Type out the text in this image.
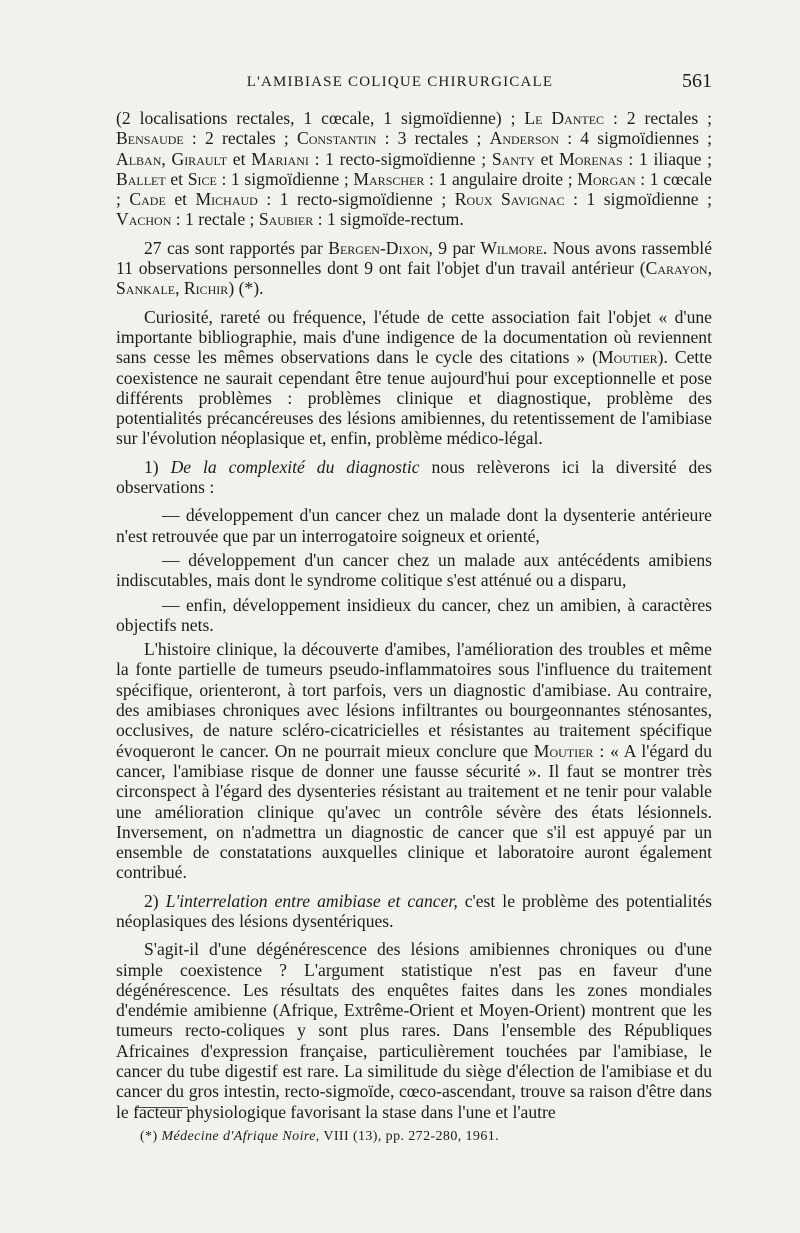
L'AMIBIASE COLIQUE CHIRURGICALE	561

(2 localisations rectales, 1 cœcale, 1 sigmoïdienne) ; Le Dantec : 2 rectales ; Bensaude : 2 rectales ; Constantin : 3 rectales ; Anderson : 4 sigmoïdiennes ; Alban, Girault et Mariani : 1 recto-sigmoïdienne ; Santy et Morenas : 1 iliaque ; Ballet et Sice : 1 sigmoïdienne ; Marscher : 1 angulaire droite ; Morgan : 1 cœcale ; Cade et Michaud : 1 recto-sigmoïdienne ; Roux Savignac : 1 sigmoïdienne ; Vachon : 1 rectale ; Saubier : 1 sigmoïde-rectum.

27 cas sont rapportés par Bergen-Dixon, 9 par Wilmore. Nous avons rassemblé 11 observations personnelles dont 9 ont fait l'objet d'un travail antérieur (Carayon, Sankale, Richir) (*).

Curiosité, rareté ou fréquence, l'étude de cette association fait l'objet « d'une importante bibliographie, mais d'une indigence de la documentation où reviennent sans cesse les mêmes observations dans le cycle des citations » (Moutier). Cette coexistence ne saurait cependant être tenue aujourd'hui pour exceptionnelle et pose différents problèmes : problèmes clinique et diagnostique, problème des potentialités précancéreuses des lésions amibiennes, du retentissement de l'amibiase sur l'évolution néoplasique et, enfin, problème médico-légal.

1) De la complexité du diagnostic nous relèverons ici la diversité des observations :

— développement d'un cancer chez un malade dont la dysenterie antérieure n'est retrouvée que par un interrogatoire soigneux et orienté,

— développement d'un cancer chez un malade aux antécédents amibiens indiscutables, mais dont le syndrome colitique s'est atténué ou a disparu,

— enfin, développement insidieux du cancer, chez un amibien, à caractères objectifs nets.

L'histoire clinique, la découverte d'amibes, l'amélioration des troubles et même la fonte partielle de tumeurs pseudo-inflammatoires sous l'influence du traitement spécifique, orienteront, à tort parfois, vers un diagnostic d'amibiase. Au contraire, des amibiases chroniques avec lésions infiltrantes ou bourgeonnantes sténosantes, occlusives, de nature scléro-cicatricielles et résistantes au traitement spécifique évoqueront le cancer. On ne pourrait mieux conclure que Moutier : « A l'égard du cancer, l'amibiase risque de donner une fausse sécurité ». Il faut se montrer très circonspect à l'égard des dysenteries résistant au traitement et ne tenir pour valable une amélioration clinique qu'avec un contrôle sévère des états lésionnels. Inversement, on n'admettra un diagnostic de cancer que s'il est appuyé par un ensemble de constatations auxquelles clinique et laboratoire auront également contribué.

2) L'interrelation entre amibiase et cancer, c'est le problème des potentialités néoplasiques des lésions dysentériques.

S'agit-il d'une dégénérescence des lésions amibiennes chroniques ou d'une simple coexistence ? L'argument statistique n'est pas en faveur d'une dégénérescence. Les résultats des enquêtes faites dans les zones mondiales d'endémie amibienne (Afrique, Extrême-Orient et Moyen-Orient) montrent que les tumeurs recto-coliques y sont plus rares. Dans l'ensemble des Républiques Africaines d'expression française, particulièrement touchées par l'amibiase, le cancer du tube digestif est rare. La similitude du siège d'élection de l'amibiase et du cancer du gros intestin, recto-sigmoïde, cœco-ascendant, trouve sa raison d'être dans le facteur physiologique favorisant la stase dans l'une et l'autre

(*) Médecine d'Afrique Noire, VIII (13), pp. 272-280, 1961.
